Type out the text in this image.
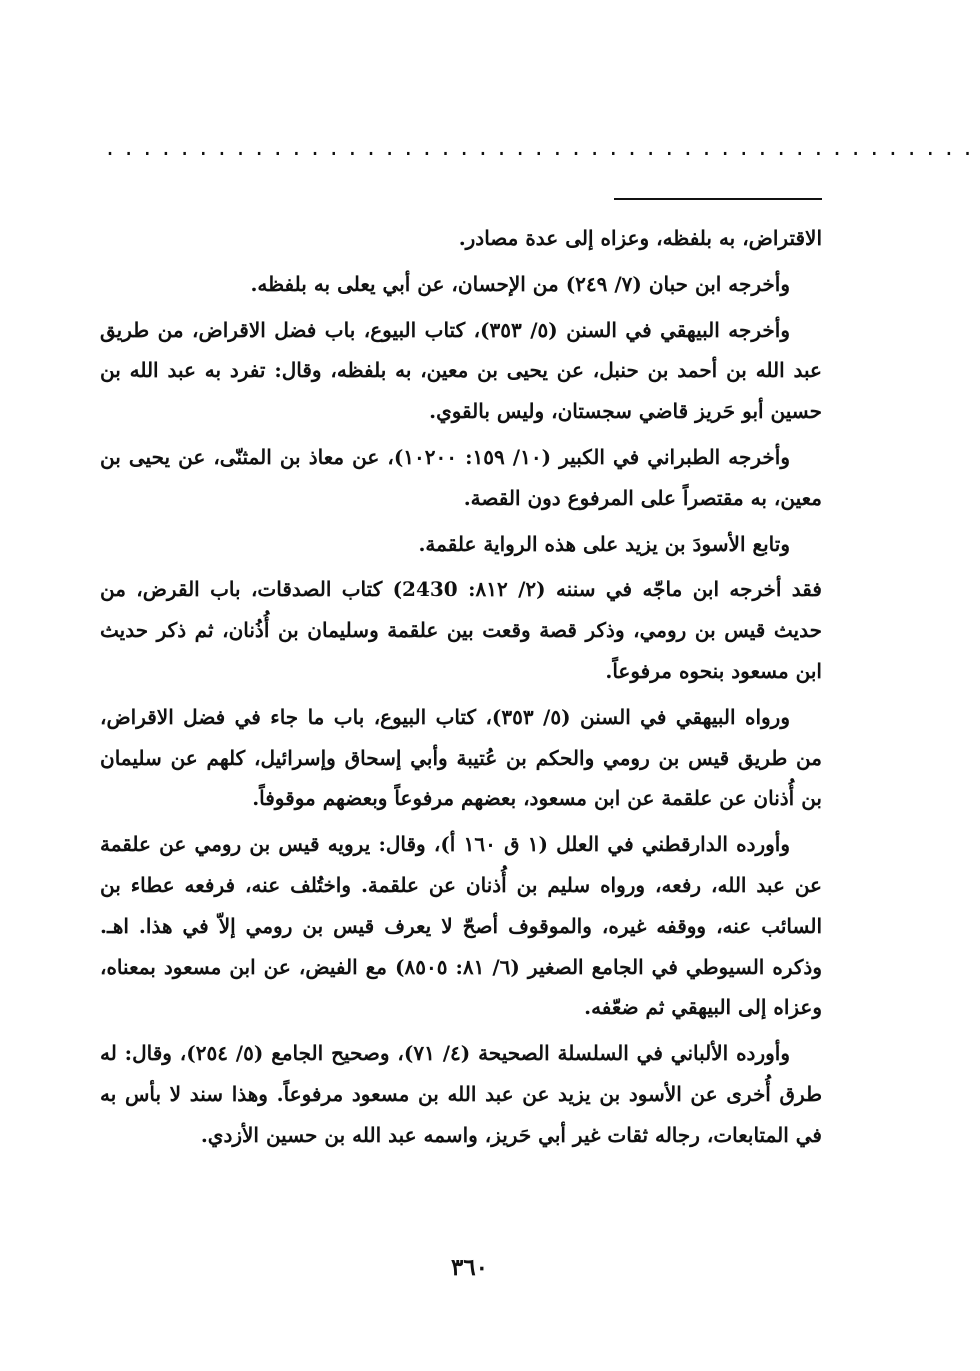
...............................................

الاقتراض، به بلفظه، وعزاه إلى عدة مصادر.

وأخرجه ابن حبان (٧/ ٢٤٩) من الإحسان، عن أبي يعلى به بلفظه.

وأخرجه البيهقي في السنن (٥/ ٣٥٣)، كتاب البيوع، باب فضل الاقراض، من طريق عبد الله بن أحمد بن حنبل، عن يحيى بن معين، به بلفظه، وقال: تفرد به عبد الله بن حسين أبو حَريز قاضي سجستان، وليس بالقوي.

وأخرجه الطبراني في الكبير (١٠/ ١٥٩: ١٠٢٠٠)، عن معاذ بن المثنّى، عن يحيى بن معين، به مقتصراً على المرفوع دون القصة.

وتابع الأسودَ بن يزيد على هذه الرواية علقمة.

فقد أخرجه ابن ماجّه في سننه (٢/ ٨١٢: 2430) كتاب الصدقات، باب القرض، من حديث قيس بن رومي، وذكر قصة وقعت بين علقمة وسليمان بن أُذُنان، ثم ذكر حديث ابن مسعود بنحوه مرفوعاً.

ورواه البيهقي في السنن (٥/ ٣٥٣)، كتاب البيوع، باب ما جاء في فضل الاقراض، من طريق قيس بن رومي والحكم بن عُتيبة وأبي إسحاق وإسرائيل، كلهم عن سليمان بن أُذنان عن علقمة عن ابن مسعود، بعضهم مرفوعاً وبعضهم موقوفاً.

وأورده الدارقطني في العلل (١ ق ١٦٠ أ)، وقال: يرويه قيس بن رومي عن علقمة عن عبد الله، رفعه، ورواه سليم بن أُذنان عن علقمة. واختُلف عنه، فرفعه عطاء بن السائب عنه، ووقفه غيره، والموقوف أصحّ لا يعرف قيس بن رومي إلاّ في هذا. اهـ. وذكره السيوطي في الجامع الصغير (٦/ ٨١: ٨٥٠٥) مع الفيض، عن ابن مسعود بمعناه، وعزاه إلى البيهقي ثم ضعّفه.

وأورده الألباني في السلسلة الصحيحة (٤/ ٧١)، وصحيح الجامع (٥/ ٢٥٤)، وقال: له طرق أُخرى عن الأسود بن يزيد عن عبد الله بن مسعود مرفوعاً. وهذا سند لا بأس به في المتابعات، رجاله ثقات غير أبي حَريز، واسمه عبد الله بن حسين الأزدي.

٣٦٠
